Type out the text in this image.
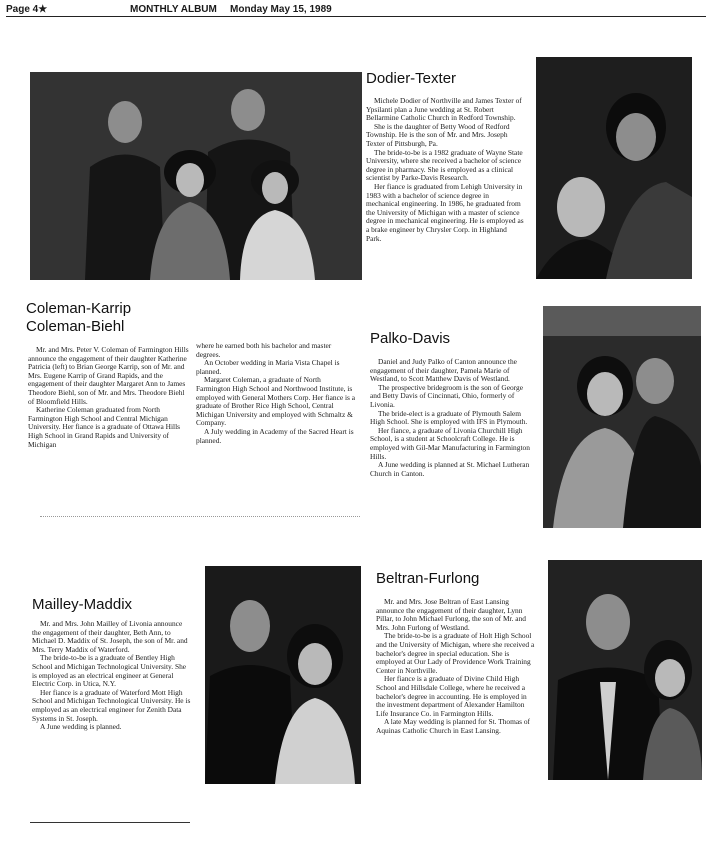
Page 4★	MONTHLY ALBUM Monday May 15, 1989
Dodier-Texter

Michele Dodier of Northville and James Texter of Ypsilanti plan a June wedding at St. Robert Bellarmine Catholic Church in Redford Township.

She is the daughter of Betty Wood of Redford Township. He is the son of Mr. and Mrs. Joseph Texter of Pittsburgh, Pa.

The bride-to-be is a 1982 graduate of Wayne State University, where she received a bachelor of science degree in pharmacy. She is employed as a clinical scientist by Parke-Davis Research.

Her fiance is graduated from Lehigh University in 1983 with a bachelor of science degree in mechanical engineering. In 1986, he graduated from the University of Michigan with a master of science degree in mechanical engineering. He is employed as a brake engineer by Chrysler Corp. in Highland Park.

Coleman-Karrip
Coleman-Biehl

Mr. and Mrs. Peter V. Coleman of Farmington Hills announce the engagement of their daughter Katherine Patricia (left) to Brian George Karrip, son of Mr. and Mrs. Eugene Karrip of Grand Rapids, and the engagement of their daughter Margaret Ann to James Theodore Biehl, son of Mr. and Mrs. Theodore Biehl of Bloomfield Hills.

Katherine Coleman graduated from North Farmington High School and Central Michigan University. Her fiance is a graduate of Ottawa Hills High School in Grand Rapids and University of Michigan

where he earned both his bachelor and master degrees.

An October wedding in Maria Vista Chapel is planned.

Margaret Coleman, a graduate of North Farmington High School and Northwood Institute, is employed with General Mothers Corp. Her fiance is a graduate of Brother Rice High School, Central Michigan University and employed with Schmaltz & Company.

A July wedding in Academy of the Sacred Heart is planned.

Palko-Davis

Daniel and Judy Palko of Canton announce the engagement of their daughter, Pamela Marie of Westland, to Scott Matthew Davis of Westland.

The prospective bridegroom is the son of George and Betty Davis of Cincinnati, Ohio, formerly of Livonia.

The bride-elect is a graduate of Plymouth Salem High School. She is employed with IFS in Plymouth.

Her fiance, a graduate of Livonia Churchill High School, is a student at Schoolcraft College. He is employed with Gil-Mar Manufacturing in Farmington Hills.

A June wedding is planned at St. Michael Lutheran Church in Canton.

Mailley-Maddix

Mr. and Mrs. John Mailley of Livonia announce the engagement of their daughter, Beth Ann, to Michael D. Maddix of St. Joseph, the son of Mr. and Mrs. Terry Maddix of Waterford.

The bride-to-be is a graduate of Bentley High School and Michigan Technological University. She is employed as an electrical engineer at General Electric Corp. in Utica, N.Y.

Her fiance is a graduate of Waterford Mott High School and Michigan Technological University. He is employed as an electrical engineer for Zenith Data Systems in St. Joseph.

A June wedding is planned.

Beltran-Furlong

Mr. and Mrs. Jose Beltran of East Lansing announce the engagement of their daughter, Lynn Pillar, to John Michael Furlong, the son of Mr. and Mrs. John Furlong of Westland.

The bride-to-be is a graduate of Holt High School and the University of Michigan, where she received a bachelor's degree in special education. She is employed at Our Lady of Providence Work Training Center in Northville.

Her fiance is a graduate of Divine Child High School and Hillsdale College, where he received a bachelor's degree in accounting. He is employed in the investment department of Alexander Hamilton Life Insurance Co. in Farmington Hills.

A late May wedding is planned for St. Thomas of Aquinas Catholic Church in East Lansing.
